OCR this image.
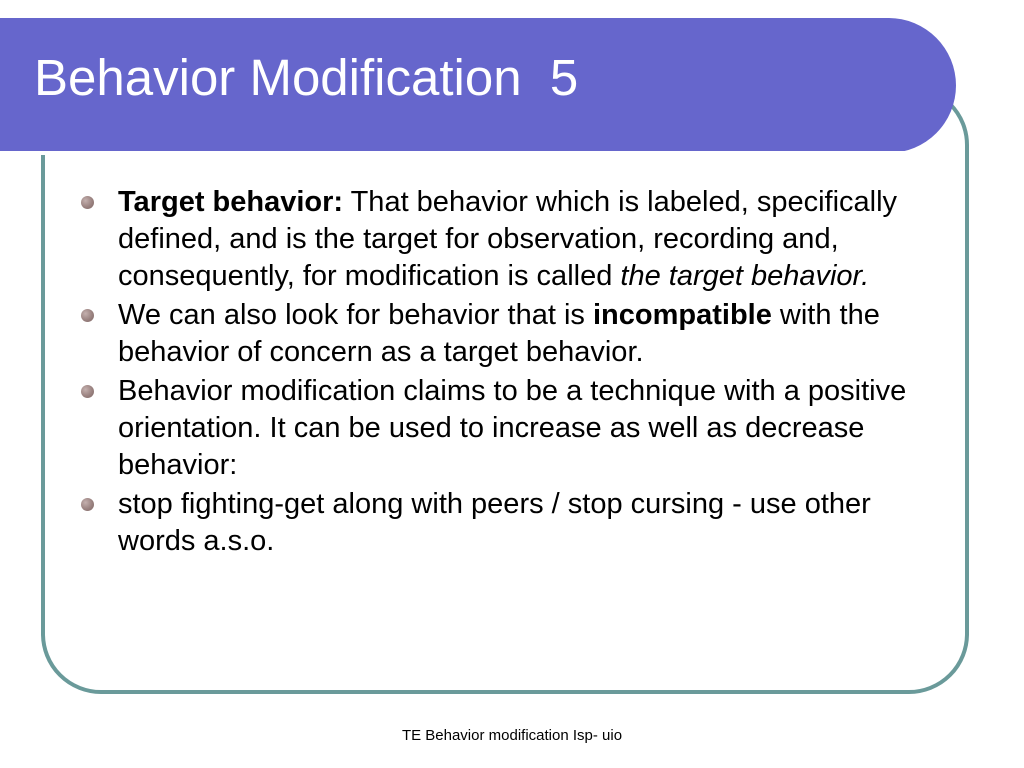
Behavior Modification  5
Target behavior: That behavior which is labeled, specifically defined, and is the target for observation, recording and, consequently, for modification is called the target behavior.
We can also look for behavior that is incompatible with the behavior of concern as a target behavior.
Behavior modification claims to be a technique with a positive orientation. It can be used to increase as well as decrease behavior:
stop fighting-get along with peers / stop cursing - use other words a.s.o.
TE Behavior modification Isp- uio
